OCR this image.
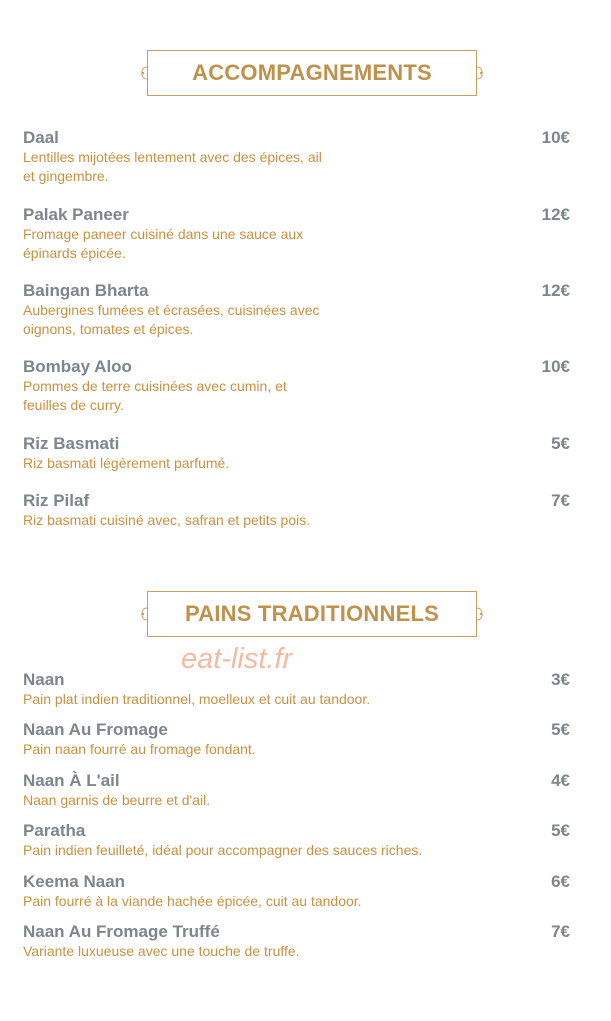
ACCOMPAGNEMENTS
Daal
Lentilles mijotées lentement avec des épices, ail et gingembre.
10€
Palak Paneer
Fromage paneer cuisiné dans une sauce aux épinards épicée.
12€
Baingan Bharta
Aubergines fumées et écrasées, cuisinées avec oignons, tomates et épices.
12€
Bombay Aloo
Pommes de terre cuisinées avec cumin, et feuilles de curry.
10€
Riz Basmati
Riz basmati légèrement parfumé.
5€
Riz Pilaf
Riz basmati cuisiné avec, safran et petits pois.
7€
PAINS TRADITIONNELS
eat-list.fr
Naan
Pain plat indien traditionnel, moelleux et cuit au tandoor.
3€
Naan Au Fromage
Pain naan fourré au fromage fondant.
5€
Naan À L'ail
Naan garnis de beurre et d'ail.
4€
Paratha
Pain indien feuilleté, idéal pour accompagner des sauces riches.
5€
Keema Naan
Pain fourré à la viande hachée épicée, cuit au tandoor.
6€
Naan Au Fromage Truffé
Variante luxueuse avec une touche de truffe.
7€
